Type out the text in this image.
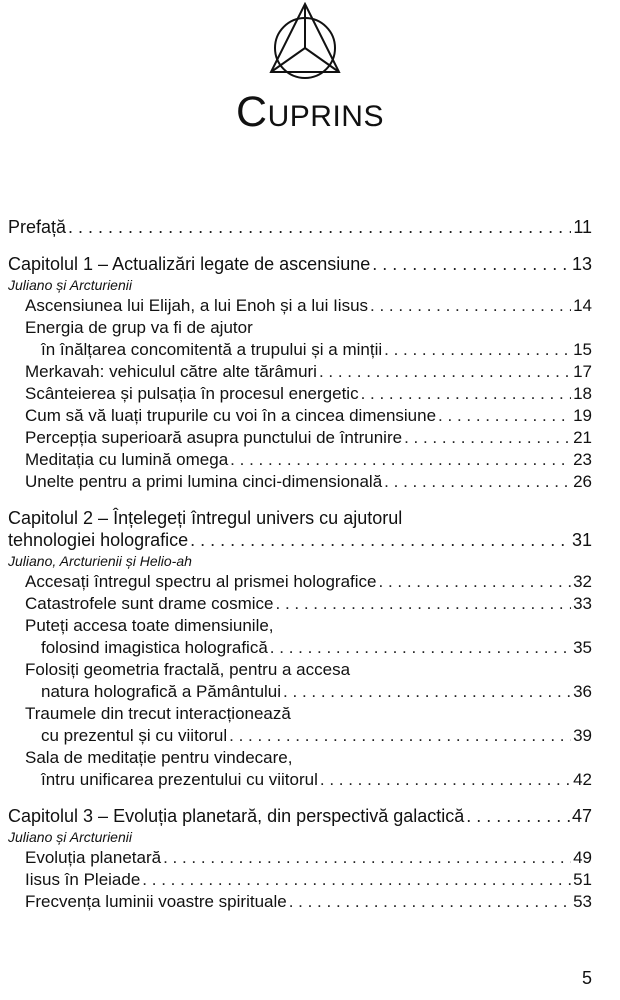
Cuprins
Prefață . . .	11
Capitolul 1 – Actualizări legate de ascensiune . . .	13
Juliano și Arcturienii
Ascensiunea lui Elijah, a lui Enoh și a lui Iisus . . .	14
Energia de grup va fi de ajutor
în înălțarea concomitentă a trupului și a minții . . .	15
Merkavah: vehiculul către alte tărâmuri . . .	17
Scânteierea și pulsația în procesul energetic . . .	18
Cum să vă luați trupurile cu voi în a cincea dimensiune . . .	19
Percepția superioară asupra punctului de întrunire . . .	21
Meditația cu lumină omega . . .	23
Unelte pentru a primi lumina cinci-dimensională . . .	26
Capitolul 2 – Înțelegeți întregul univers cu ajutorul
tehnologiei holografice . . .	31
Juliano, Arcturienii și Helio-ah
Accesați întregul spectru al prismei holografice . . .	32
Catastrofele sunt drame cosmice . . .	33
Puteți accesa toate dimensiunile,
folosind imagistica holografică . . .	35
Folosiți geometria fractală, pentru a accesa
natura holografică a Pământului . . .	36
Traumele din trecut interacționează
cu prezentul și cu viitorul . . .	39
Sala de meditație pentru vindecare,
întru unificarea prezentului cu viitorul . . .	42
Capitolul 3 – Evoluția planetară, din perspectivă galactică . . .	47
Juliano și Arcturienii
Evoluția planetară . . .	49
Iisus în Pleiade . . .	51
Frecvența luminii voastre spirituale . . .	53
5
